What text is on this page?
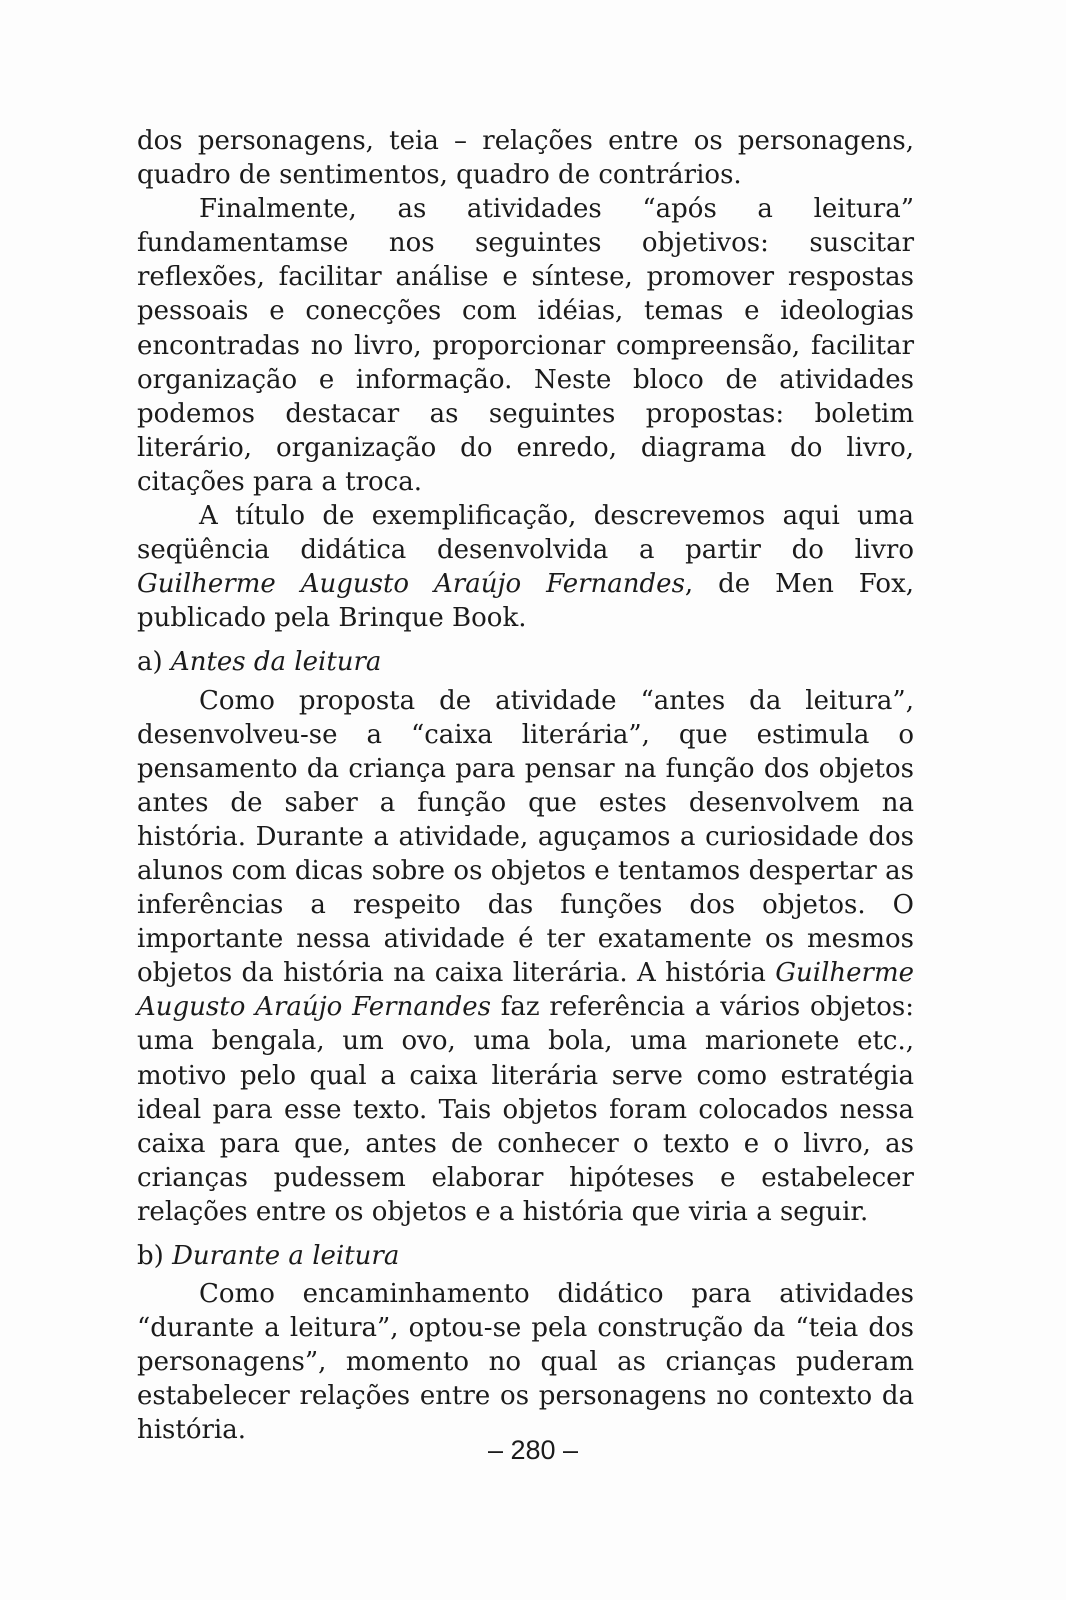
dos personagens, teia – relações entre os personagens, quadro de sentimentos, quadro de contrários.

Finalmente, as atividades “após a leitura” fundamentamse nos seguintes objetivos: suscitar reflexões, facilitar análise e síntese, promover respostas pessoais e conecções com idéias, temas e ideologias encontradas no livro, proporcionar compreensão, facilitar organização e informação. Neste bloco de atividades podemos destacar as seguintes propostas: boletim literário, organização do enredo, diagrama do livro, citações para a troca.

A título de exemplificação, descrevemos aqui uma seqüência didática desenvolvida a partir do livro Guilherme Augusto Araújo Fernandes, de Men Fox, publicado pela Brinque Book.

a) Antes da leitura

Como proposta de atividade “antes da leitura”, desenvolveu-se a “caixa literária”, que estimula o pensamento da criança para pensar na função dos objetos antes de saber a função que estes desenvolvem na história. Durante a atividade, aguçamos a curiosidade dos alunos com dicas sobre os objetos e tentamos despertar as inferências a respeito das funções dos objetos. O importante nessa atividade é ter exatamente os mesmos objetos da história na caixa literária. A história Guilherme Augusto Araújo Fernandes faz referência a vários objetos: uma bengala, um ovo, uma bola, uma marionete etc., motivo pelo qual a caixa literária serve como estratégia ideal para esse texto. Tais objetos foram colocados nessa caixa para que, antes de conhecer o texto e o livro, as crianças pudessem elaborar hipóteses e estabelecer relações entre os objetos e a história que viria a seguir.

b) Durante a leitura

Como encaminhamento didático para atividades “durante a leitura”, optou-se pela construção da “teia dos personagens”, momento no qual as crianças puderam estabelecer relações entre os personagens no contexto da história.

– 280 –
